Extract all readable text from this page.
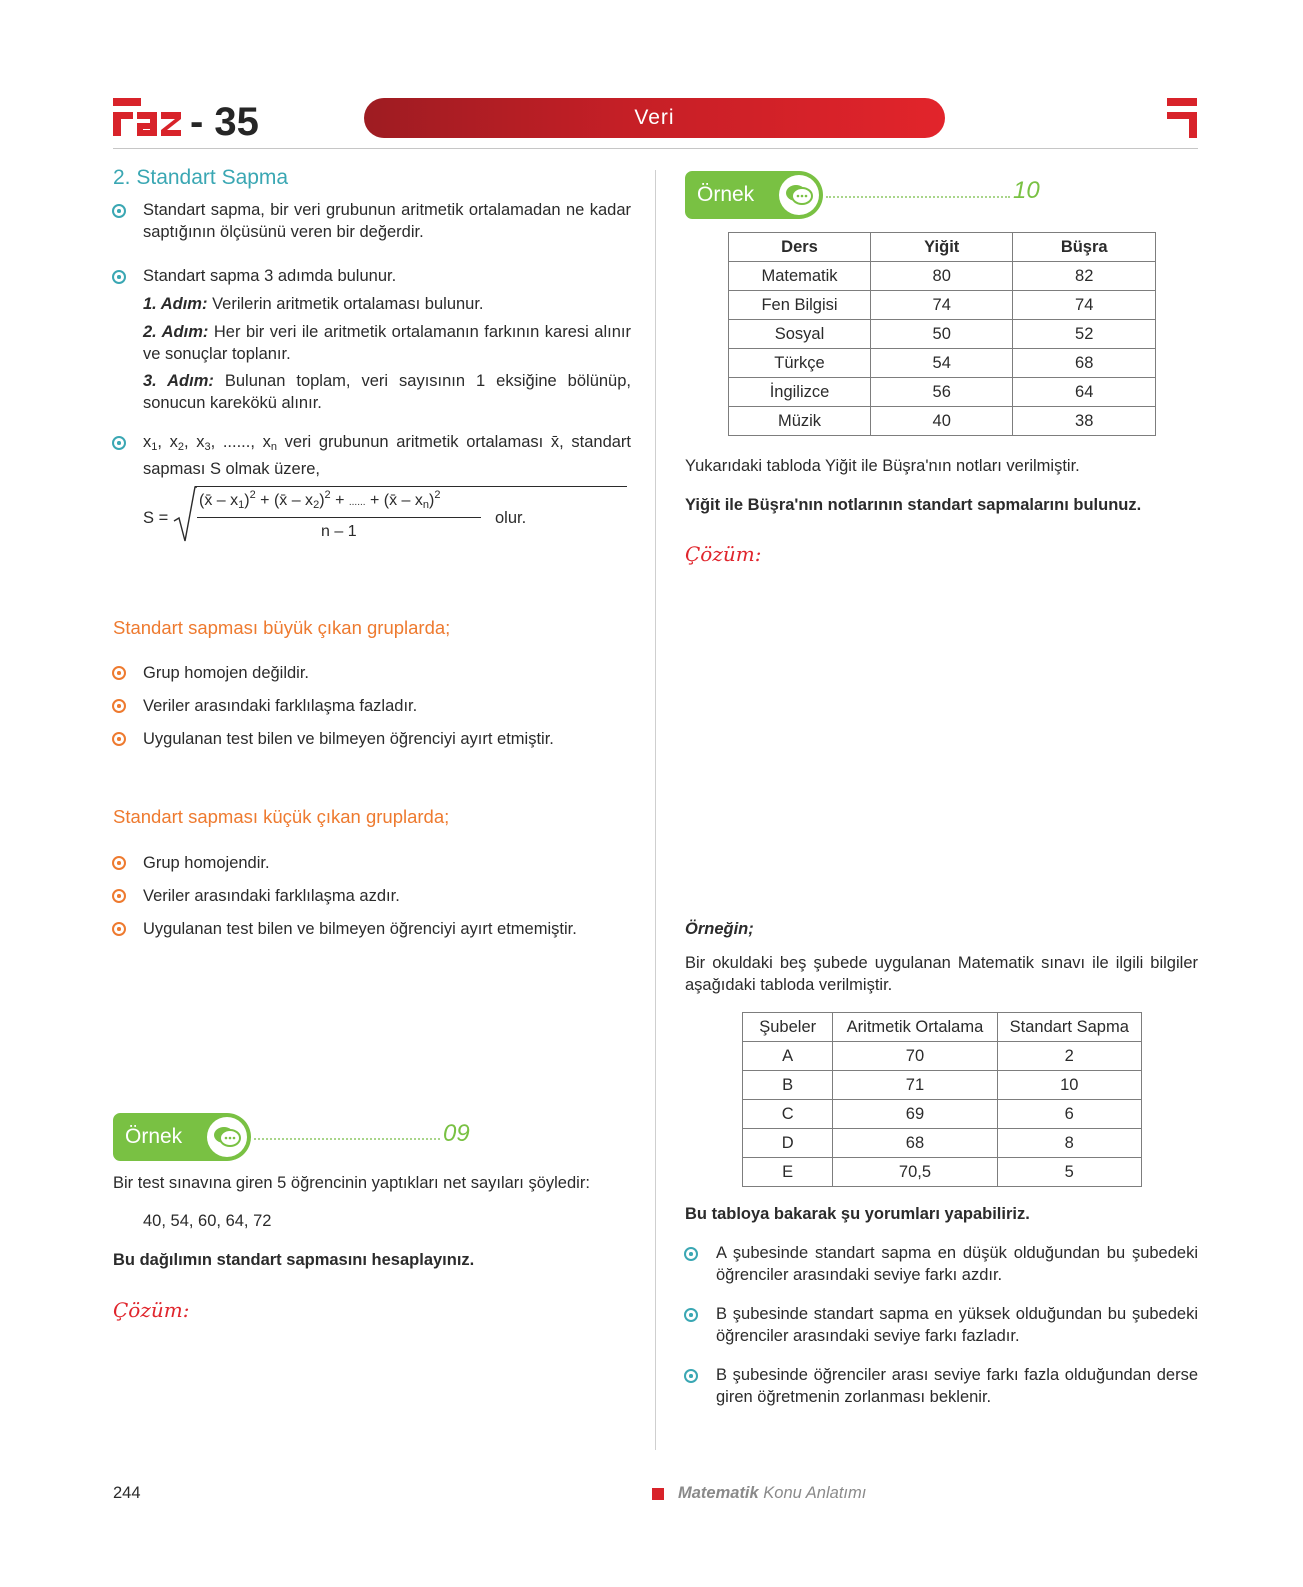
- 35	Veri
2. Standart Sapma
Standart sapma, bir veri grubunun aritmetik ortalamadan ne kadar saptığının ölçüsünü veren bir değerdir.
Standart sapma 3 adımda bulunur.
1. Adım: Verilerin aritmetik ortalaması bulunur.
2. Adım: Her bir veri ile aritmetik ortalamanın farkının karesi alınır ve sonuçlar toplanır.
3. Adım: Bulunan toplam, veri sayısının 1 eksiğine bölünüp, sonucun karekökü alınır.
$x_1$, $x_2$, $x_3$, ......, $x_n$ veri grubunun aritmetik ortalaması x̄, standart sapması S olmak üzere,
S =
(x̄ – $x_1)^2$ + (x̄ – $x_2)^2$ + ...... + (x̄ – $x_n)^2$
n – 1
olur.
Standart sapması büyük çıkan gruplarda;
Grup homojen değildir.
Veriler arasındaki farklılaşma fazladır.
Uygulanan test bilen ve bilmeyen öğrenciyi ayırt etmiştir.
Standart sapması küçük çıkan gruplarda;
Grup homojendir.
Veriler arasındaki farklılaşma azdır.
Uygulanan test bilen ve bilmeyen öğrenciyi ayırt etmemiştir.
Örnek	09
Bir test sınavına giren 5 öğrencinin yaptıkları net sayıları şöyledir:
40, 54, 60, 64, 72
Bu dağılımın standart sapmasını hesaplayınız.
Çözüm:
Örnek	10
Ders	Yiğit	Büşra
Matematik	80	82
Fen Bilgisi	74	74
Sosyal	50	52
Türkçe	54	68
İngilizce	56	64
Müzik	40	38
Yukarıdaki tabloda Yiğit ile Büşra'nın notları verilmiştir.
Yiğit ile Büşra'nın notlarının standart sapmalarını bulunuz.
Çözüm:
Örneğin;
Bir okuldaki beş şubede uygulanan Matematik sınavı ile ilgili bilgiler aşağıdaki tabloda verilmiştir.
Şubeler	Aritmetik Ortalama	Standart Sapma
A	70	2
B	71	10
C	69	6
D	68	8
E	70,5	5
Bu tabloya bakarak şu yorumları yapabiliriz.
A şubesinde standart sapma en düşük olduğundan bu şubedeki öğrenciler arasındaki seviye farkı azdır.
B şubesinde standart sapma en yüksek olduğundan bu şubedeki öğrenciler arasındaki seviye farkı fazladır.
B şubesinde öğrenciler arası seviye farkı fazla olduğundan derse giren öğretmenin zorlanması beklenir.
244	Matematik Konu Anlatımı
